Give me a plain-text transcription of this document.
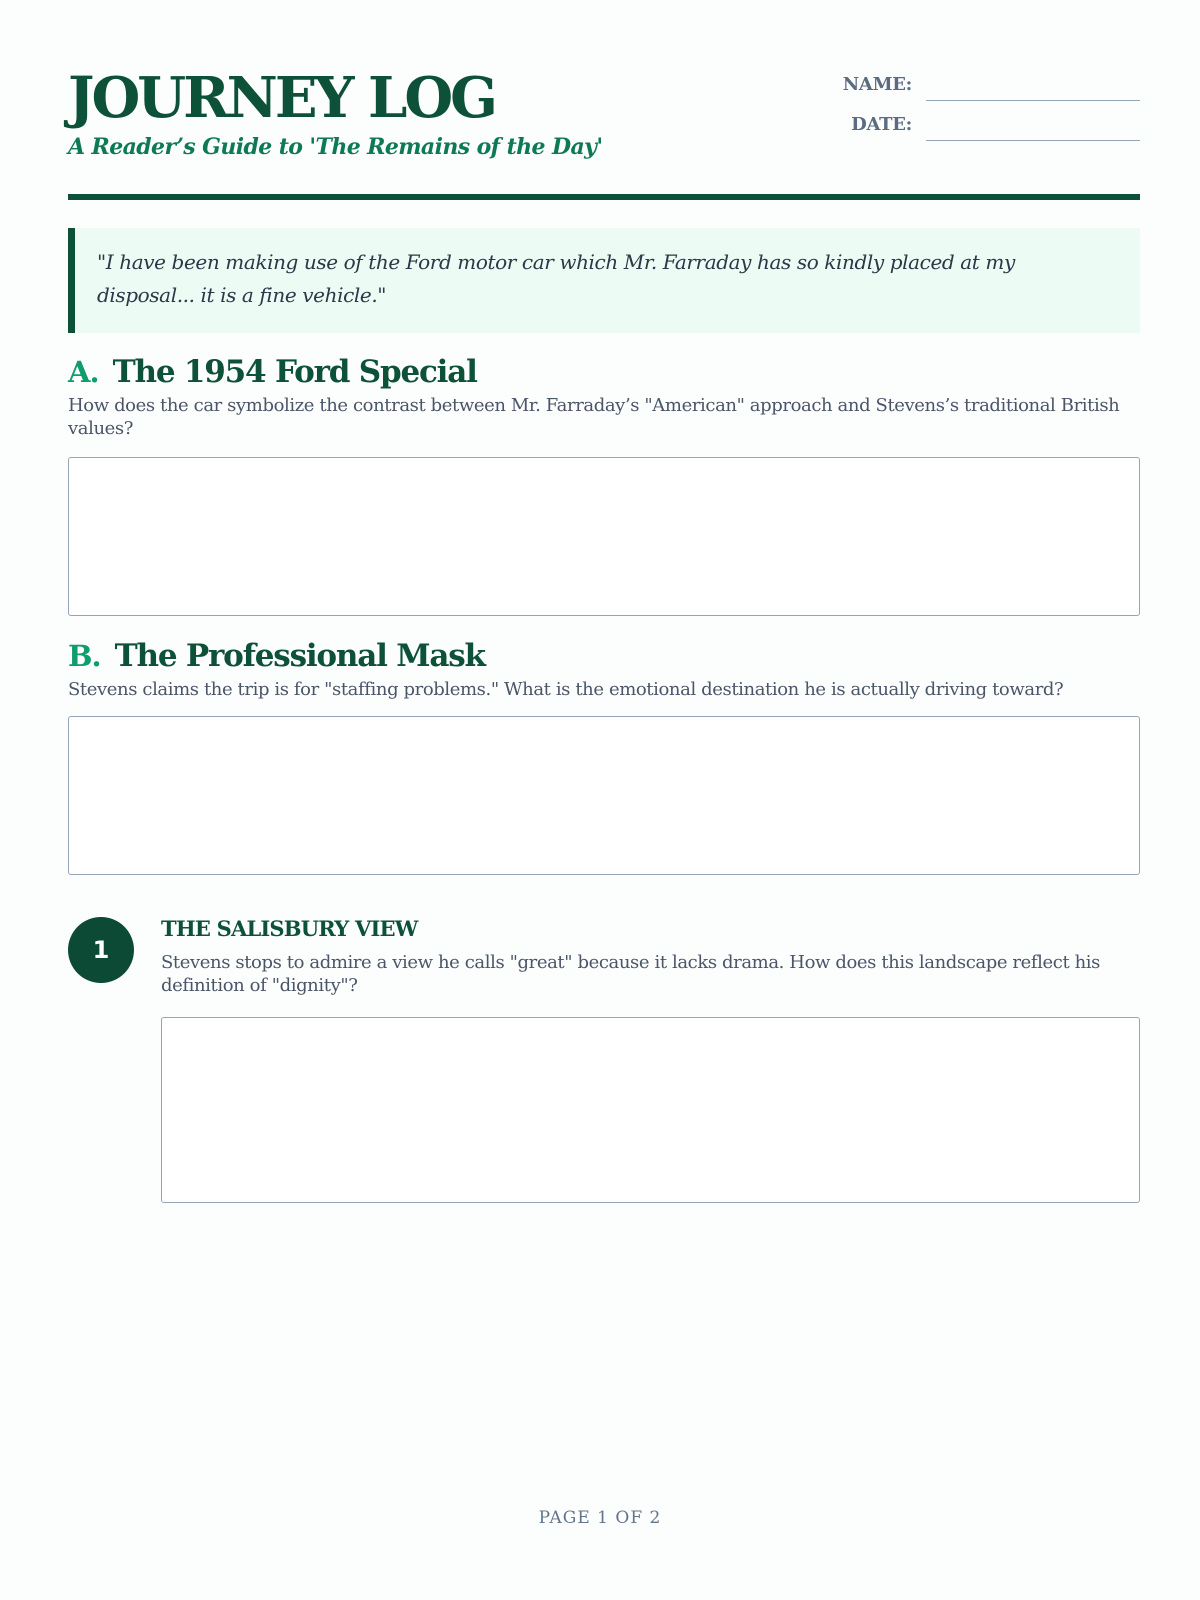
JOURNEY LOG
A Reader’s Guide to 'The Remains of the Day'
NAME:
DATE:
"I have been making use of the Ford motor car which Mr. Farraday has so kindly placed at my disposal... it is a fine vehicle."
A. The 1954 Ford Special
How does the car symbolize the contrast between Mr. Farraday’s "American" approach and Stevens’s traditional British values?
B. The Professional Mask
Stevens claims the trip is for "staffing problems." What is the emotional destination he is actually driving toward?
1
THE SALISBURY VIEW
Stevens stops to admire a view he calls "great" because it lacks drama. How does this landscape reflect his definition of "dignity"?
PAGE 1 OF 2
